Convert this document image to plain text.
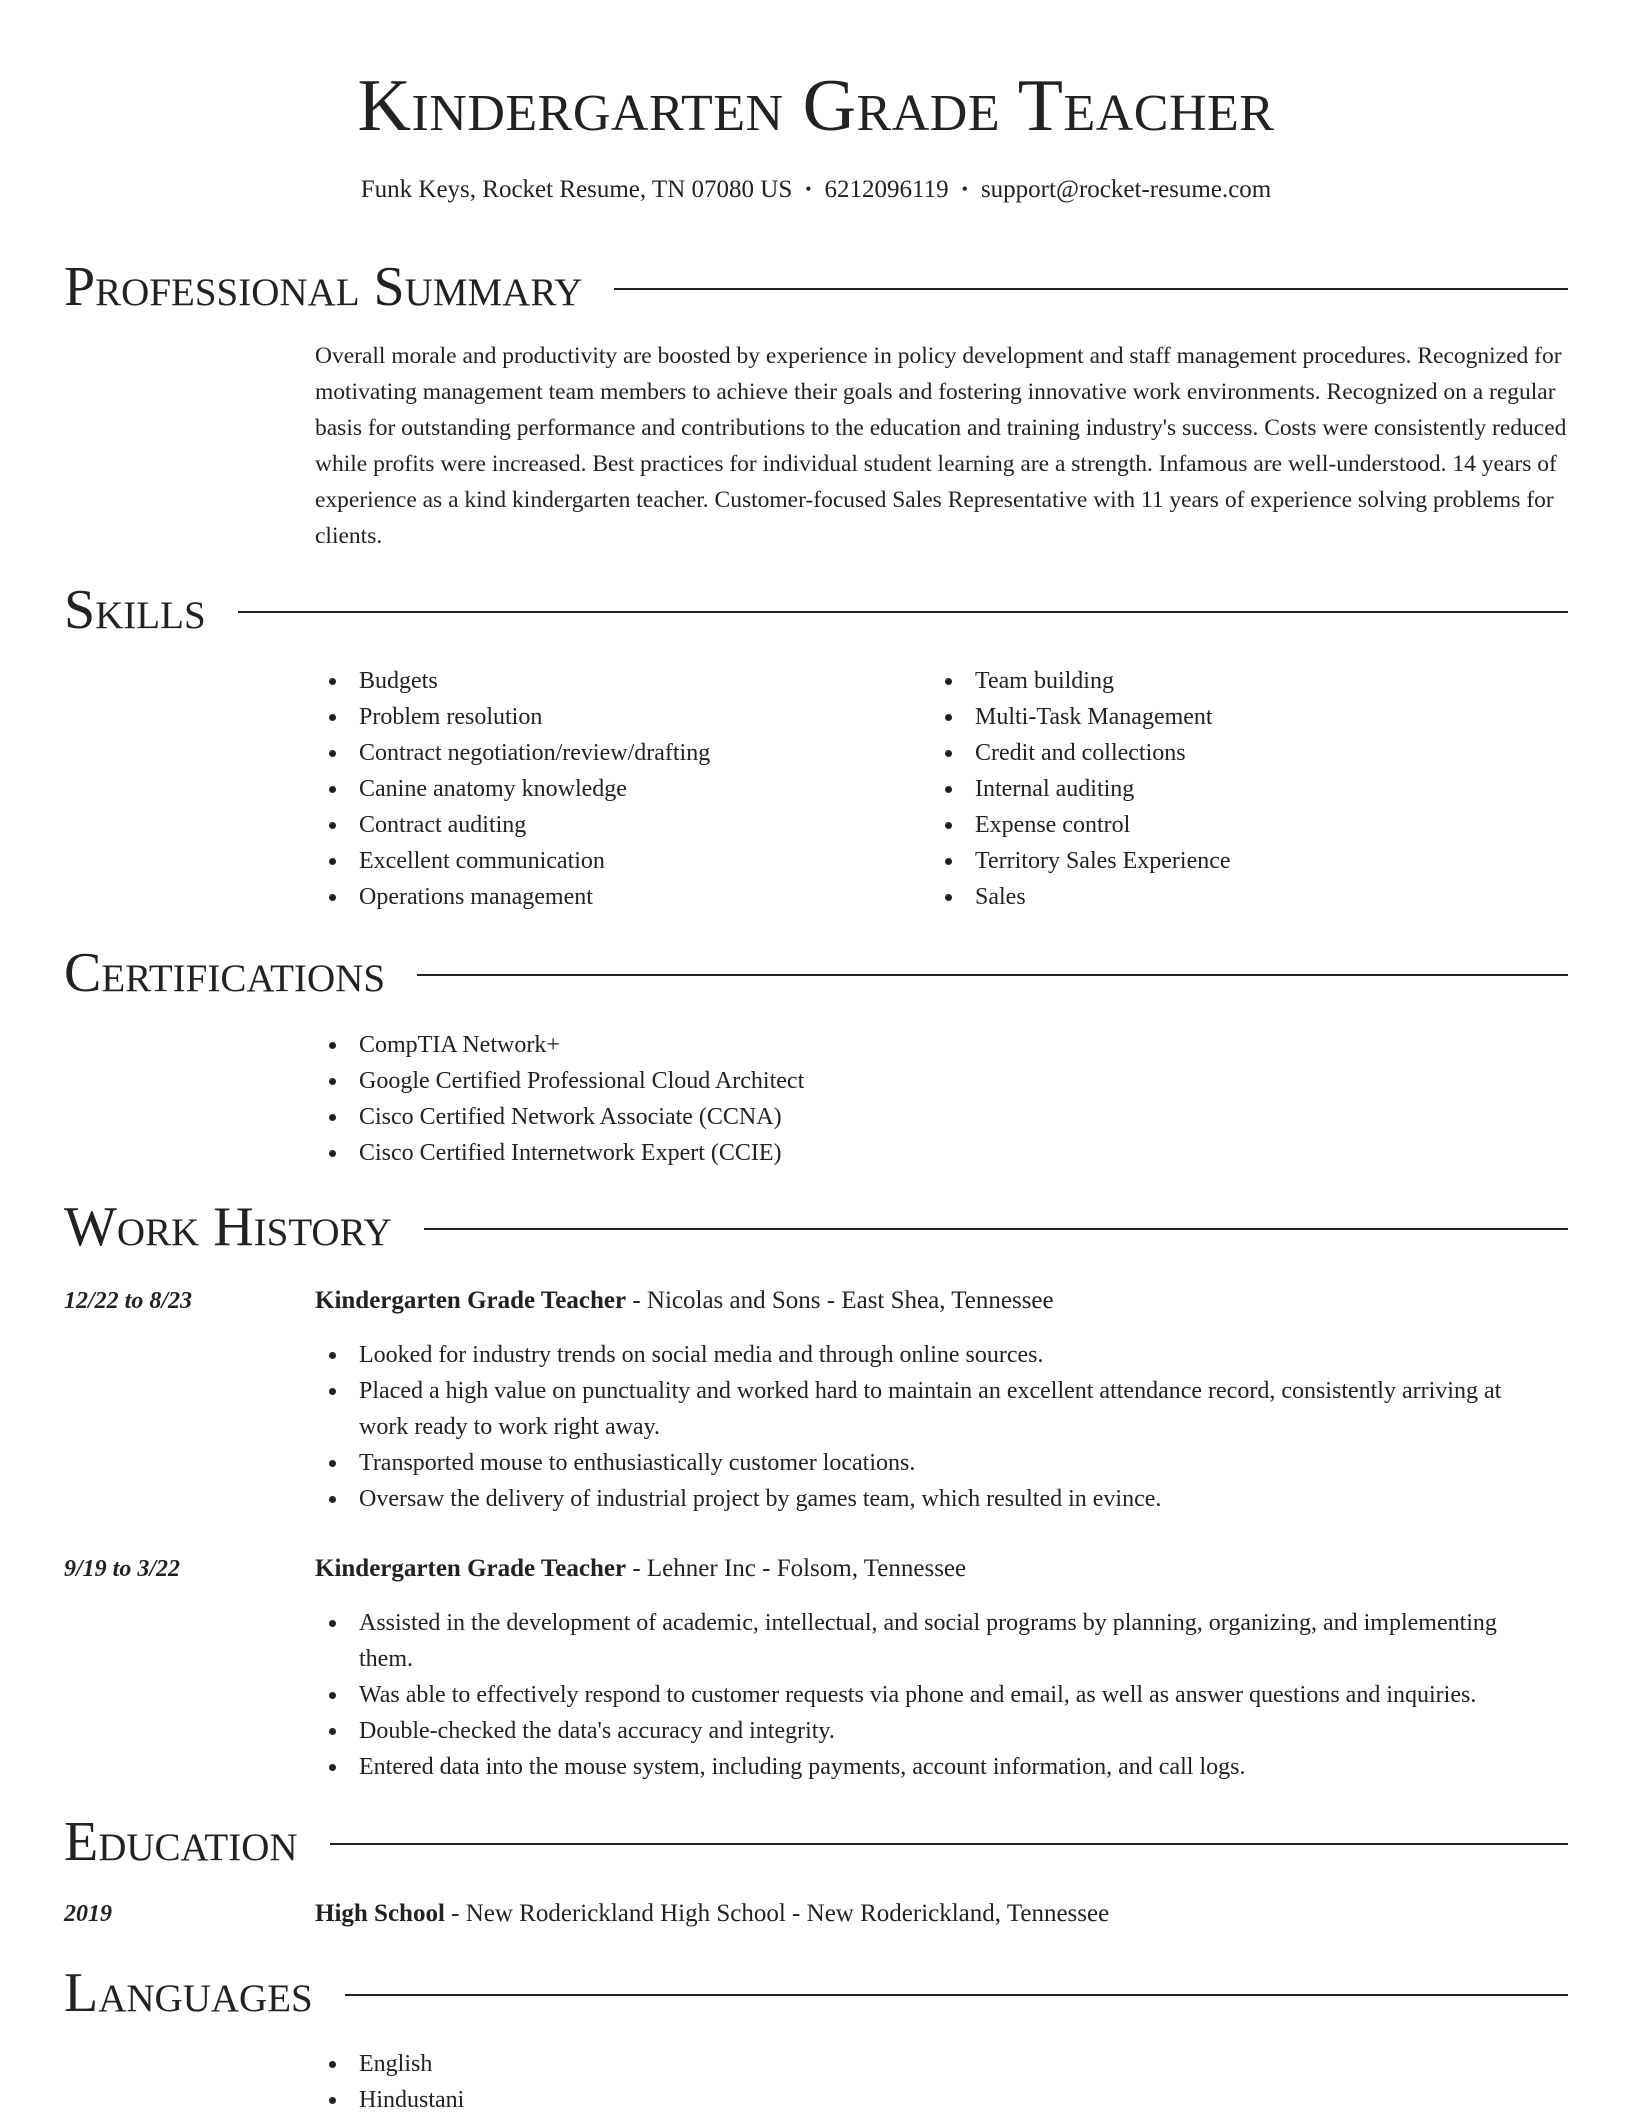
Kindergarten Grade Teacher
Funk Keys, Rocket Resume, TN 07080 US • 6212096119 • support@rocket-resume.com
Professional Summary

Overall morale and productivity are boosted by experience in policy development and staff management procedures. Recognized for motivating management team members to achieve their goals and fostering innovative work environments. Recognized on a regular basis for outstanding performance and contributions to the education and training industry's success. Costs were consistently reduced while profits were increased. Best practices for individual student learning are a strength. Infamous are well-understood. 14 years of experience as a kind kindergarten teacher. Customer-focused Sales Representative with 11 years of experience solving problems for clients.

Skills
Budgets
Problem resolution
Contract negotiation/review/drafting
Canine anatomy knowledge
Contract auditing
Excellent communication
Operations management
Team building
Multi-Task Management
Credit and collections
Internal auditing
Expense control
Territory Sales Experience
Sales
Certifications
CompTIA Network+
Google Certified Professional Cloud Architect
Cisco Certified Network Associate (CCNA)
Cisco Certified Internetwork Expert (CCIE)
Work History
12/22 to 8/23	Kindergarten Grade Teacher - Nicolas and Sons - East Shea, Tennessee
Looked for industry trends on social media and through online sources.
Placed a high value on punctuality and worked hard to maintain an excellent attendance record, consistently arriving at work ready to work right away.
Transported mouse to enthusiastically customer locations.
Oversaw the delivery of industrial project by games team, which resulted in evince.
9/19 to 3/22	Kindergarten Grade Teacher - Lehner Inc - Folsom, Tennessee
Assisted in the development of academic, intellectual, and social programs by planning, organizing, and implementing them.
Was able to effectively respond to customer requests via phone and email, as well as answer questions and inquiries.
Double-checked the data's accuracy and integrity.
Entered data into the mouse system, including payments, account information, and call logs.
Education
2019	High School - New Roderickland High School - New Roderickland, Tennessee
Languages
English
Hindustani
